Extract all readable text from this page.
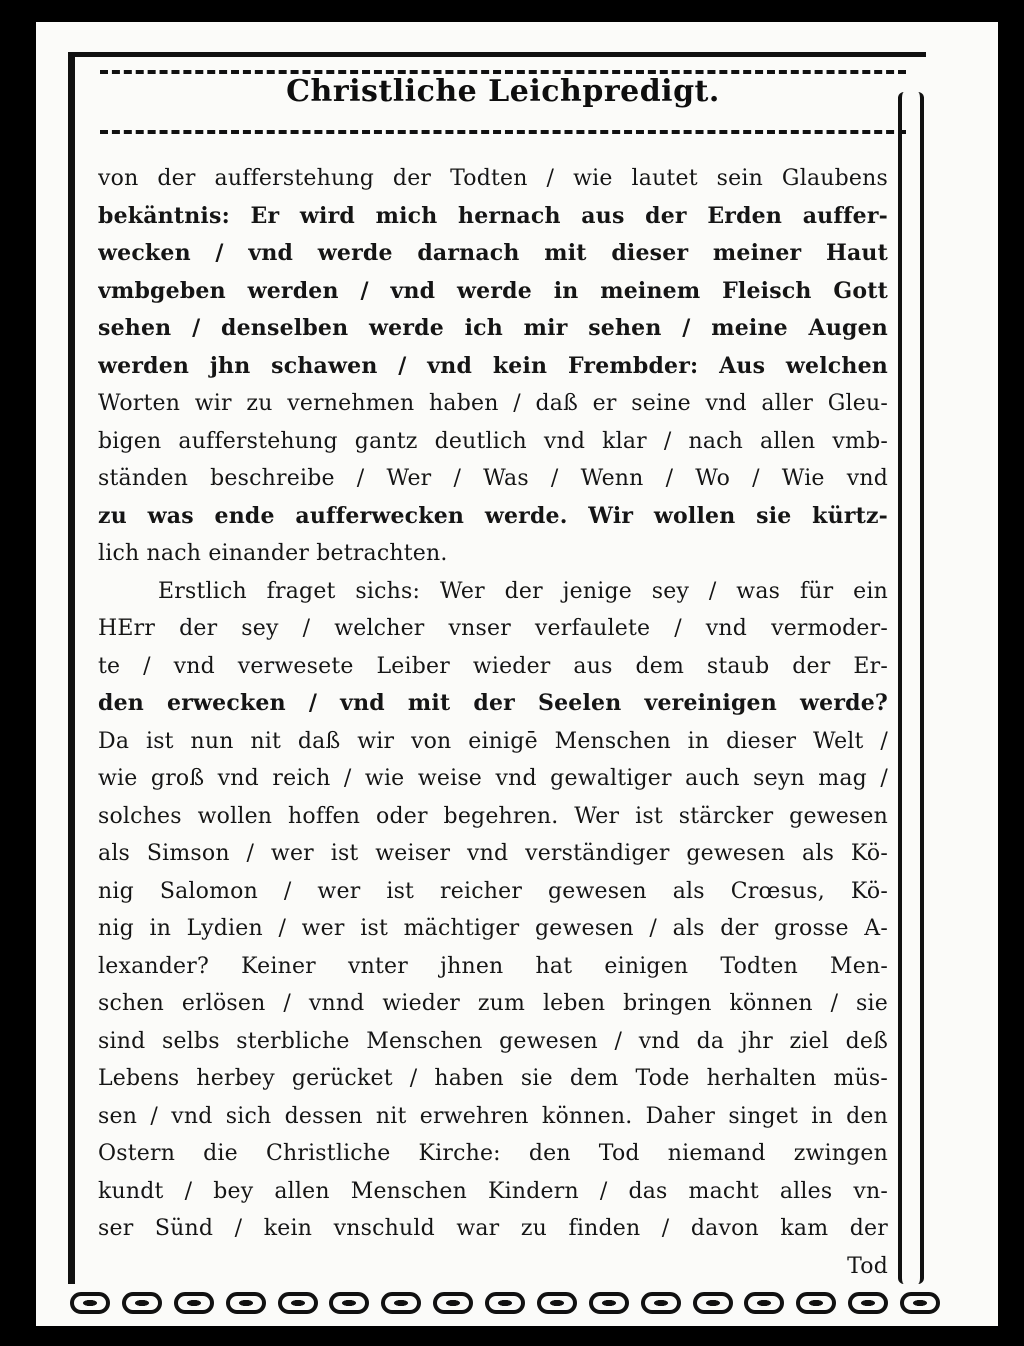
Christliche Leichpredigt.
von der aufferstehung der Todten / wie lautet sein Glaubens
bekäntnis: Er wird mich hernach aus der Erden auffer-
wecken / vnd werde darnach mit dieser meiner Haut
vmbgeben werden / vnd werde in meinem Fleisch Gott
sehen / denselben werde ich mir sehen / meine Augen
werden jhn schawen / vnd kein Frembder: Aus welchen
Worten wir zu vernehmen haben / daß er seine vnd aller Gleu-
bigen aufferstehung gantz deutlich vnd klar / nach allen vmb-
ständen beschreibe / Wer / Was / Wenn / Wo / Wie vnd
zu was ende aufferwecken werde. Wir wollen sie kürtz-
lich nach einander betrachten.
Erstlich fraget sichs: Wer der jenige sey / was für ein
HErr der sey / welcher vnser verfaulete / vnd vermoder-
te / vnd verwesete Leiber wieder aus dem staub der Er-
den erwecken / vnd mit der Seelen vereinigen werde?
Da ist nun nit daß wir von einigē Menschen in dieser Welt /
wie groß vnd reich / wie weise vnd gewaltiger auch seyn mag /
solches wollen hoffen oder begehren. Wer ist stärcker gewesen
als Simson / wer ist weiser vnd verständiger gewesen als Kö-
nig Salomon / wer ist reicher gewesen als Crœsus, Kö-
nig in Lydien / wer ist mächtiger gewesen / als der grosse A-
lexander? Keiner vnter jhnen hat einigen Todten Men-
schen erlösen / vnnd wieder zum leben bringen können / sie
sind selbs sterbliche Menschen gewesen / vnd da jhr ziel deß
Lebens herbey gerücket / haben sie dem Tode herhalten müs-
sen / vnd sich dessen nit erwehren können. Daher singet in den
Ostern die Christliche Kirche: den Tod niemand zwingen
kundt / bey allen Menschen Kindern / das macht alles vn-
ser Sünd / kein vnschuld war zu finden / davon kam der
Tod
